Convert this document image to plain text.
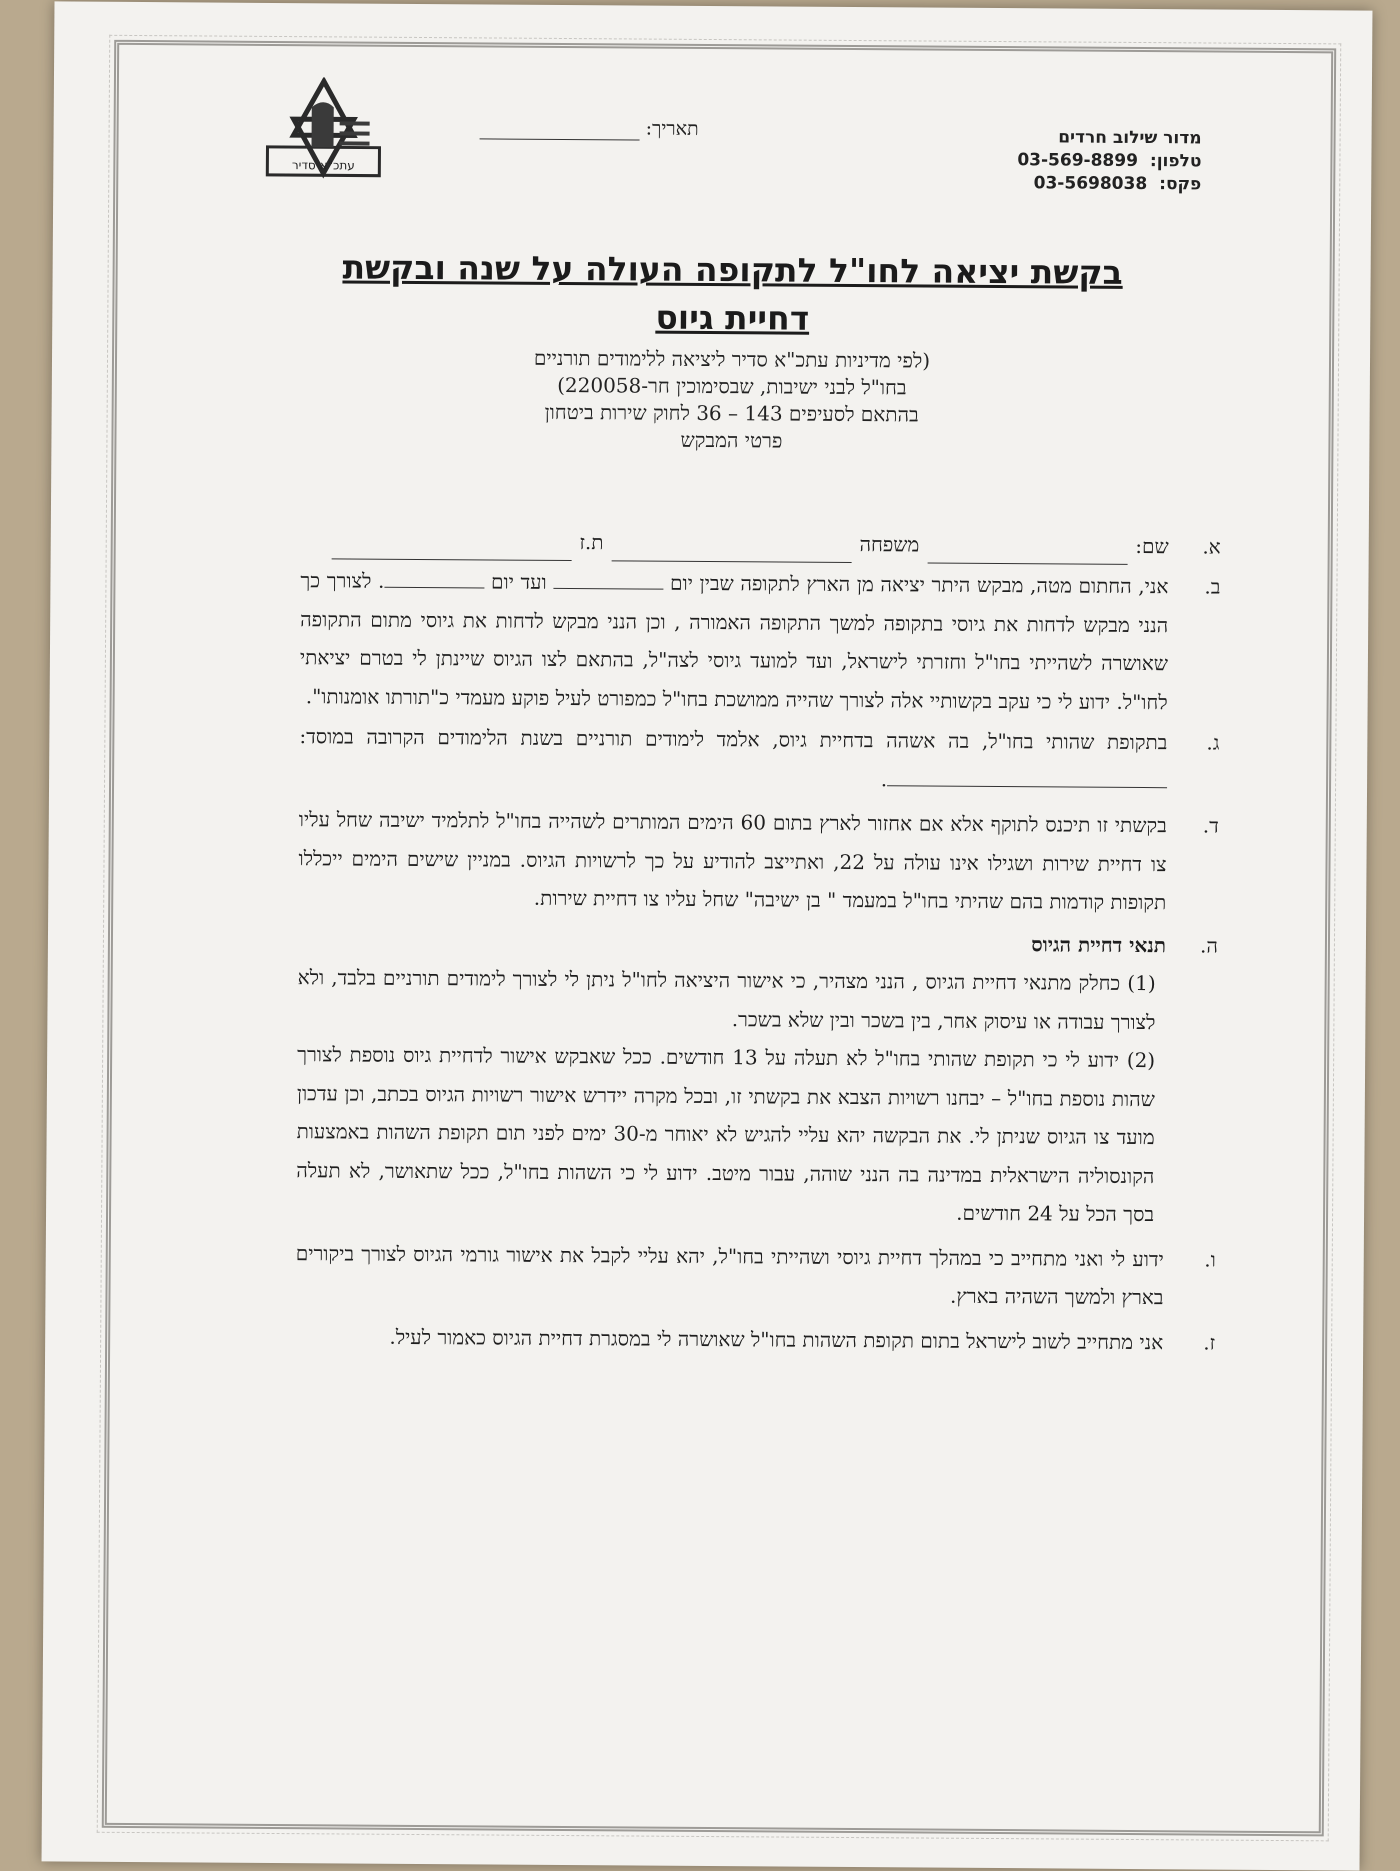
עתכ"א סדיר
תאריך:	מדור שילוב חרדים
טלפון:
03-569-8899
פקס:
03-5698038
בקשת יציאה לחו"ל לתקופה העולה על שנה ובקשת
דחיית גיוס
(לפי מדיניות עתכ"א סדיר ליציאה ללימודים תורניים
בחו"ל לבני ישיבות, שבסימוכין חר-220058)
בהתאם לסעיפים 143 – 36 לחוק שירות ביטחון
פרטי המבקש
א.
שם:
משפחה
ת.ז
ב.
אני, החתום מטה, מבקש היתר יציאה מן הארץ לתקופה שבין יום  ועד יום . לצורך כך הנני מבקש לדחות את גיוסי בתקופה למשך התקופה האמורה , וכן הנני מבקש לדחות את גיוסי מתום התקופה שאושרה לשהייתי בחו"ל וחזרתי לישראל, ועד למועד גיוסי לצה"ל, בהתאם לצו הגיוס שיינתן לי בטרם יציאתי לחו"ל. ידוע לי כי עקב בקשותיי אלה לצורך שהייה ממושכת בחו"ל כמפורט לעיל פוקע מעמדי כ"תורתו אומנותו".
ג.
בתקופת שהותי בחו"ל, בה אשהה בדחיית גיוס, אלמד לימודים תורניים בשנת הלימודים הקרובה במוסד: .
ד.
בקשתי זו תיכנס לתוקף אלא אם אחזור לארץ בתום 60 הימים המותרים לשהייה בחו"ל לתלמיד ישיבה שחל עליו צו דחיית שירות ושגילו אינו עולה על 22, ואתייצב להודיע על כך לרשויות הגיוס. במניין שישים הימים ייכללו תקופות קודמות בהם שהיתי בחו"ל במעמד " בן ישיבה" שחל עליו צו דחיית שירות.
ה.
תנאי דחיית הגיוס
(1) כחלק מתנאי דחיית הגיוס , הנני מצהיר, כי אישור היציאה לחו"ל ניתן לי לצורך לימודים תורניים בלבד, ולא לצורך עבודה או עיסוק אחר, בין בשכר ובין שלא בשכר.
(2) ידוע לי כי תקופת שהותי בחו"ל לא תעלה על 13 חודשים. ככל שאבקש אישור לדחיית גיוס נוספת לצורך שהות נוספת בחו"ל – יבחנו רשויות הצבא את בקשתי זו, ובכל מקרה יידרש אישור רשויות הגיוס בכתב, וכן עדכון מועד צו הגיוס שניתן לי. את הבקשה יהא עליי להגיש לא יאוחר מ-30 ימים לפני תום תקופת השהות באמצעות הקונסוליה הישראלית במדינה בה הנני שוהה, עבור מיטב. ידוע לי כי השהות בחו"ל, ככל שתאושר, לא תעלה בסך הכל על 24 חודשים.
ו.
ידוע לי ואני מתחייב כי במהלך דחיית גיוסי ושהייתי בחו"ל, יהא עליי לקבל את אישור גורמי הגיוס לצורך ביקורים בארץ ולמשך השהיה בארץ.
ז.
אני מתחייב לשוב לישראל בתום תקופת השהות בחו"ל שאושרה לי במסגרת דחיית הגיוס כאמור לעיל.
